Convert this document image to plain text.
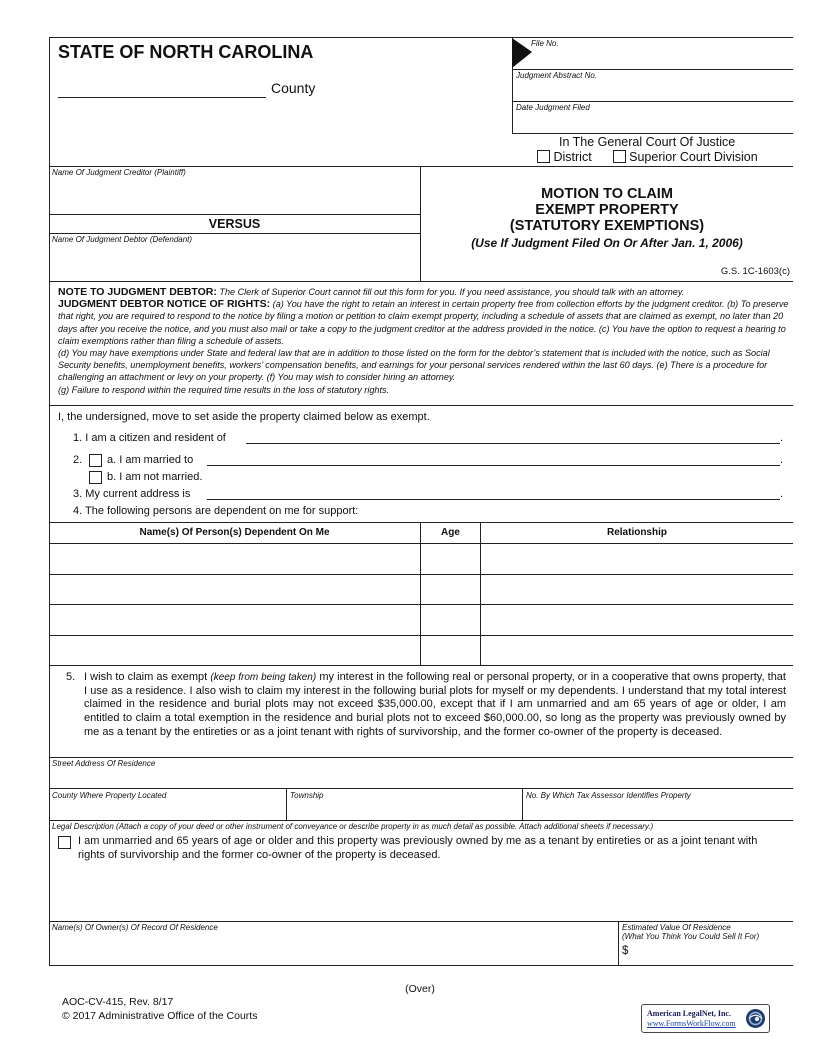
STATE OF NORTH CAROLINA
County
File No.
Judgment Abstract No.
Date Judgment Filed
In The General Court Of Justice
District	Superior Court Division
Name Of Judgment Creditor (Plaintiff)
VERSUS
Name Of Judgment Debtor (Defendant)
MOTION TO CLAIM
EXEMPT PROPERTY
(STATUTORY EXEMPTIONS)
(Use If Judgment Filed On Or After Jan. 1, 2006)
G.S. 1C-1603(c)
NOTE TO JUDGMENT DEBTOR: The Clerk of Superior Court cannot fill out this form for you. If you need assistance, you should talk with an attorney.
JUDGMENT DEBTOR NOTICE OF RIGHTS: (a) You have the right to retain an interest in certain property free from collection efforts by the judgment creditor. (b) To preserve that right, you are required to respond to the notice by filing a motion or petition to claim exempt property, including a schedule of assets that are claimed as exempt, no later than 20 days after you receive the notice, and you must also mail or take a copy to the judgment creditor at the address provided in the notice. (c) You have the option to request a hearing to claim exemptions rather than filing a schedule of assets.
(d) You may have exemptions under State and federal law that are in addition to those listed on the form for the debtor’s statement that is included with the notice, such as Social Security benefits, unemployment benefits, workers’ compensation benefits, and earnings for your personal services rendered within the last 60 days. (e) There is a procedure for challenging an attachment or levy on your property. (f) You may wish to consider hiring an attorney.
(g) Failure to respond within the required time results in the loss of statutory rights.
I, the undersigned, move to set aside the property claimed below as exempt.
1. I am a citizen and resident of	.
2. a. I am married to	.
b. I am not married.
3. My current address is	.
4. The following persons are dependent on me for support:
Name(s) Of Person(s) Dependent On Me	Age	Relationship
5. I wish to claim as exempt (keep from being taken) my interest in the following real or personal property, or in a cooperative that owns property, that I use as a residence. I also wish to claim my interest in the following burial plots for myself or my dependents. I understand that my total interest claimed in the residence and burial plots may not exceed $35,000.00, except that if I am unmarried and am 65 years of age or older, I am entitled to claim a total exemption in the residence and burial plots not to exceed $60,000.00, so long as the property was previously owned by me as a tenant by the entireties or as a joint tenant with rights of survivorship, and the former co-owner of the property is deceased.
Street Address Of Residence
County Where Property Located	Township	No. By Which Tax Assessor Identifies Property
Legal Description (Attach a copy of your deed or other instrument of conveyance or describe property in as much detail as possible. Attach additional sheets if necessary.)
I am unmarried and 65 years of age or older and this property was previously owned by me as a tenant by entireties or as a joint tenant with rights of survivorship and the former co-owner of the property is deceased.
Name(s) Of Owner(s) Of Record Of Residence	Estimated Value Of Residence
(What You Think You Could Sell It For)
$
(Over)
AOC-CV-415, Rev. 8/17
© 2017 Administrative Office of the Courts	American LegalNet, Inc.
www.FormsWorkFlow.com
